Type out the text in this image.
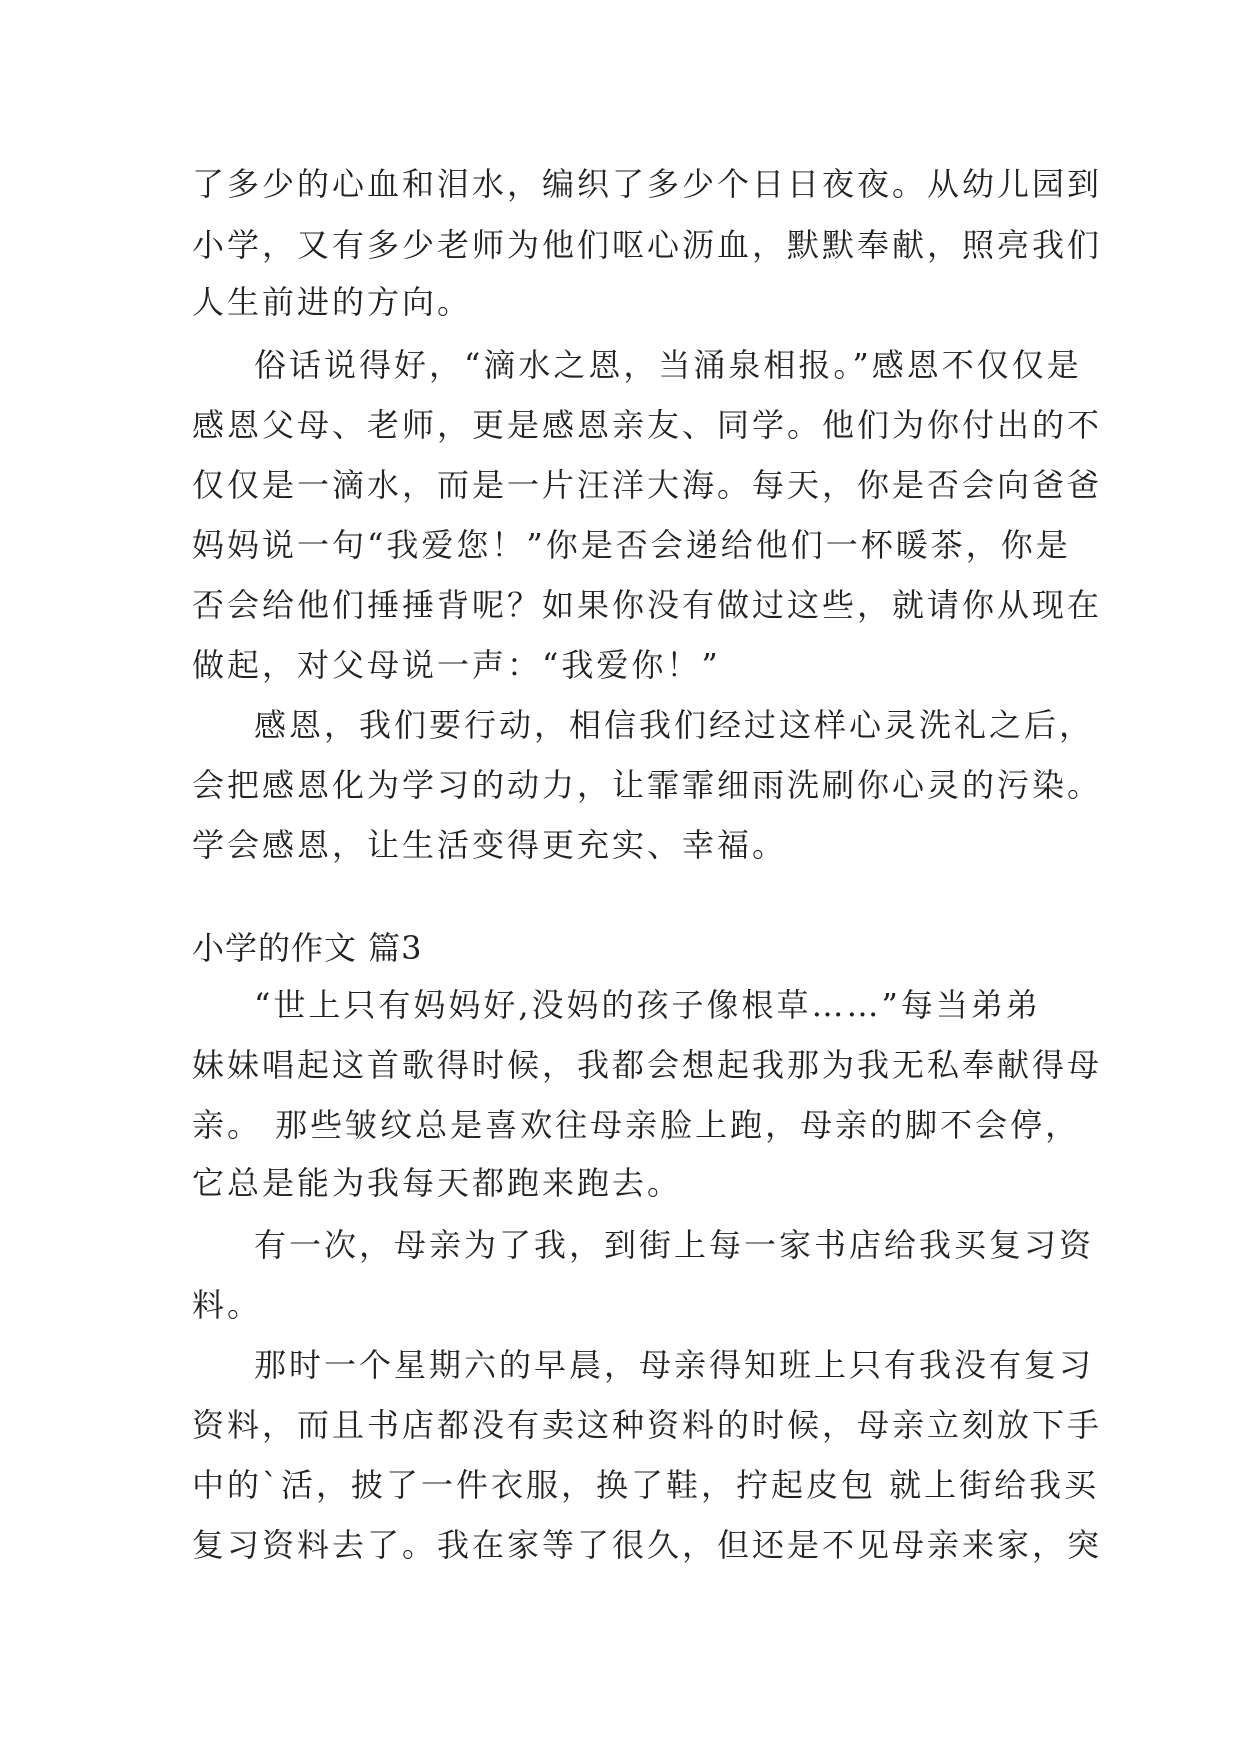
了多少的心血和泪水，编织了多少个日日夜夜。从幼儿园到
小学，又有多少老师为他们呕心沥血，默默奉献，照亮我们
人生前进的方向。
俗话说得好，“滴水之恩，当涌泉相报。”感恩不仅仅是
感恩父母、老师，更是感恩亲友、同学。他们为你付出的不
仅仅是一滴水，而是一片汪洋大海。每天，你是否会向爸爸
妈妈说一句“我爱您！”你是否会递给他们一杯暖茶，你是
否会给他们捶捶背呢？如果你没有做过这些，就请你从现在
做起，对父母说一声：“我爱你！”
感恩，我们要行动，相信我们经过这样心灵洗礼之后，
会把感恩化为学习的动力，让霏霏细雨洗刷你心灵的污染。
学会感恩，让生活变得更充实、幸福。
小学的作文 篇3
“世上只有妈妈好,没妈的孩子像根草……”每当弟弟
妹妹唱起这首歌得时候，我都会想起我那为我无私奉献得母
亲。 那些皱纹总是喜欢往母亲脸上跑，母亲的脚不会停，
它总是能为我每天都跑来跑去。
有一次，母亲为了我，到街上每一家书店给我买复习资
料。
那时一个星期六的早晨，母亲得知班上只有我没有复习
资料，而且书店都没有卖这种资料的时候，母亲立刻放下手
中的`活，披了一件衣服，换了鞋，拧起皮包 就上街给我买
复习资料去了。我在家等了很久，但还是不见母亲来家，突
